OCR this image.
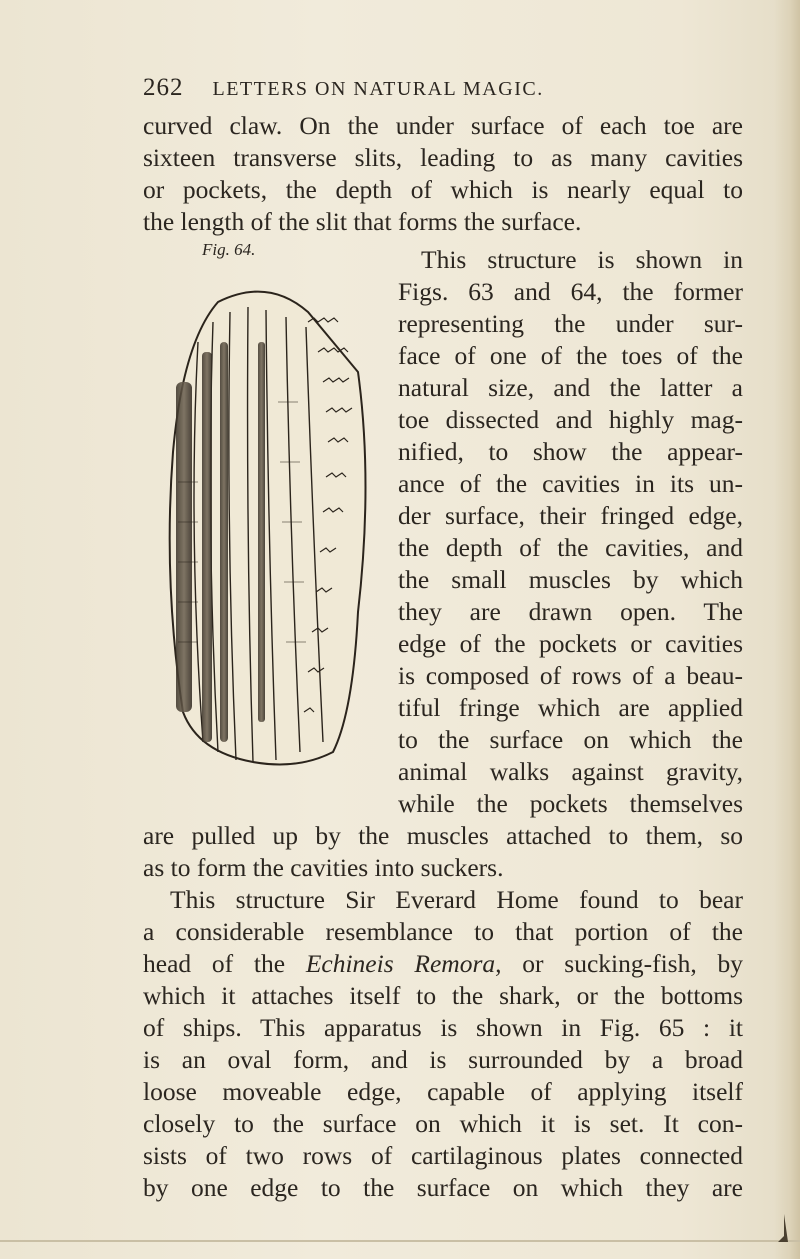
262 LETTERS ON NATURAL MAGIC.
curved claw. On the under surface of each toe are
sixteen transverse slits, leading to as many cavities
or pockets, the depth of which is nearly equal to
the length of the slit that forms the surface.
Fig. 64.	This structure is shown in
Figs. 63 and 64, the former
representing the under sur-
face of one of the toes of the
natural size, and the latter a
toe dissected and highly mag-
nified, to show the appear-
ance of the cavities in its un-
der surface, their fringed edge,
the depth of the cavities, and
the small muscles by which
they are drawn open. The
edge of the pockets or cavities
is composed of rows of a beau-
tiful fringe which are applied
to the surface on which the
animal walks against gravity,
while the pockets themselves
are pulled up by the muscles attached to them, so
as to form the cavities into suckers.
This structure Sir Everard Home found to bear
a considerable resemblance to that portion of the
head of the Echineis Remora, or sucking-fish, by
which it attaches itself to the shark, or the bottoms
of ships. This apparatus is shown in Fig. 65 : it
is an oval form, and is surrounded by a broad
loose moveable edge, capable of applying itself
closely to the surface on which it is set. It con-
sists of two rows of cartilaginous plates connected
by one edge to the surface on which they are
